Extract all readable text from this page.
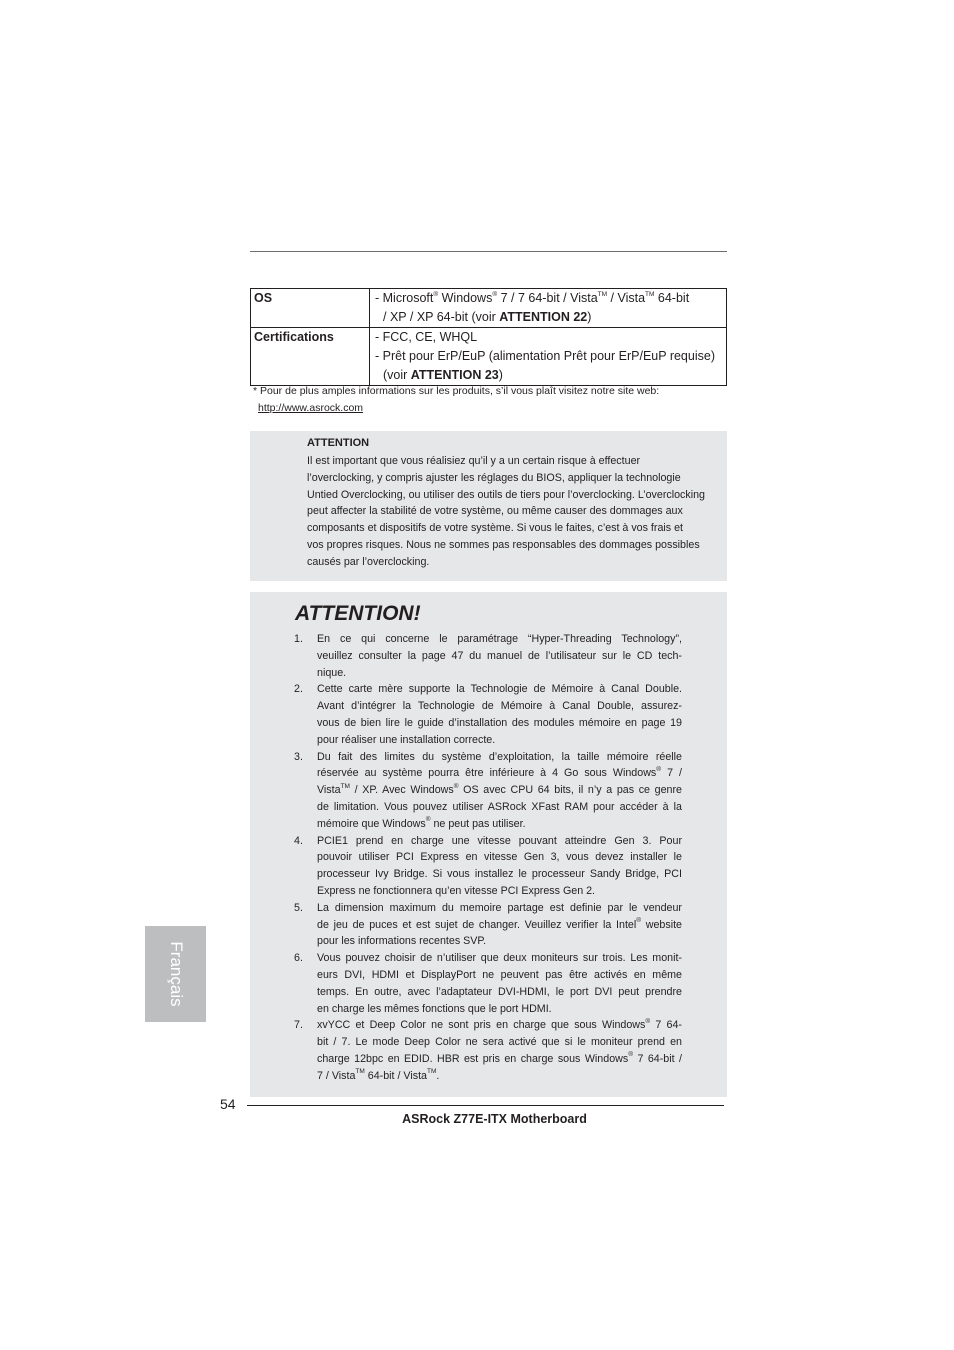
OS	- Microsoft® Windows® 7 / 7 64-bit / Vista™ / Vista™ 64-bit
/ XP / XP 64-bit (voir ATTENTION 22)

Certifications	- FCC, CE, WHQL
- Prêt pour ErP/EuP (alimentation Prêt pour ErP/EuP requise)
(voir ATTENTION 23)
* Pour de plus amples informations sur les produits, s’il vous plaît visitez notre site web:
http://www.asrock.com
ATTENTION
Il est important que vous réalisiez qu’il y a un certain risque à effectuer
l’overclocking, y compris ajuster les réglages du BIOS, appliquer la technologie
Untied Overclocking, ou utiliser des outils de tiers pour l’overclocking. L’overclocking
peut affecter la stabilité de votre système, ou même causer des dommages aux
composants et dispositifs de votre système. Si vous le faites, c’est à vos frais et
vos propres risques. Nous ne sommes pas responsables des dommages possibles
causés par l’overclocking.
ATTENTION!
1. En ce qui concerne le paramétrage “Hyper-Threading Technology”,
veuillez consulter la page 47 du manuel de l’utilisateur sur le CD tech-
nique.
2. Cette carte mère supporte la Technologie de Mémoire à Canal Double.
Avant d’intégrer la Technologie de Mémoire à Canal Double, assurez-
vous de bien lire le guide d’installation des modules mémoire en page 19
pour réaliser une installation correcte.
3. Du fait des limites du système d’exploitation, la taille mémoire réelle
réservée au système pourra être inférieure à 4 Go sous Windows® 7 /
Vista™ / XP. Avec Windows® OS avec CPU 64 bits, il n’y a pas ce genre
de limitation. Vous pouvez utiliser ASRock XFast RAM pour accéder à la
mémoire que Windows® ne peut pas utiliser.
4. PCIE1 prend en charge une vitesse pouvant atteindre Gen 3. Pour
pouvoir utiliser PCI Express en vitesse Gen 3, vous devez installer le
processeur Ivy Bridge. Si vous installez le processeur Sandy Bridge, PCI
Express ne fonctionnera qu’en vitesse PCI Express Gen 2.
5. La dimension maximum du memoire partage est definie par le vendeur
de jeu de puces et est sujet de changer. Veuillez verifier la Intel® website
pour les informations recentes SVP.
6. Vous pouvez choisir de n’utiliser que deux moniteurs sur trois. Les monit-
eurs DVI, HDMI et DisplayPort ne peuvent pas être activés en même
temps. En outre, avec l’adaptateur DVI-HDMI, le port DVI peut prendre
en charge les mêmes fonctions que le port HDMI.
7. xvYCC et Deep Color ne sont pris en charge que sous Windows® 7 64-
bit / 7. Le mode Deep Color ne sera activé que si le moniteur prend en
charge 12bpc en EDID. HBR est pris en charge sous Windows® 7 64-bit /
7 / Vista™ 64-bit / Vista™.
Français
54
ASRock Z77E-ITX Motherboard
